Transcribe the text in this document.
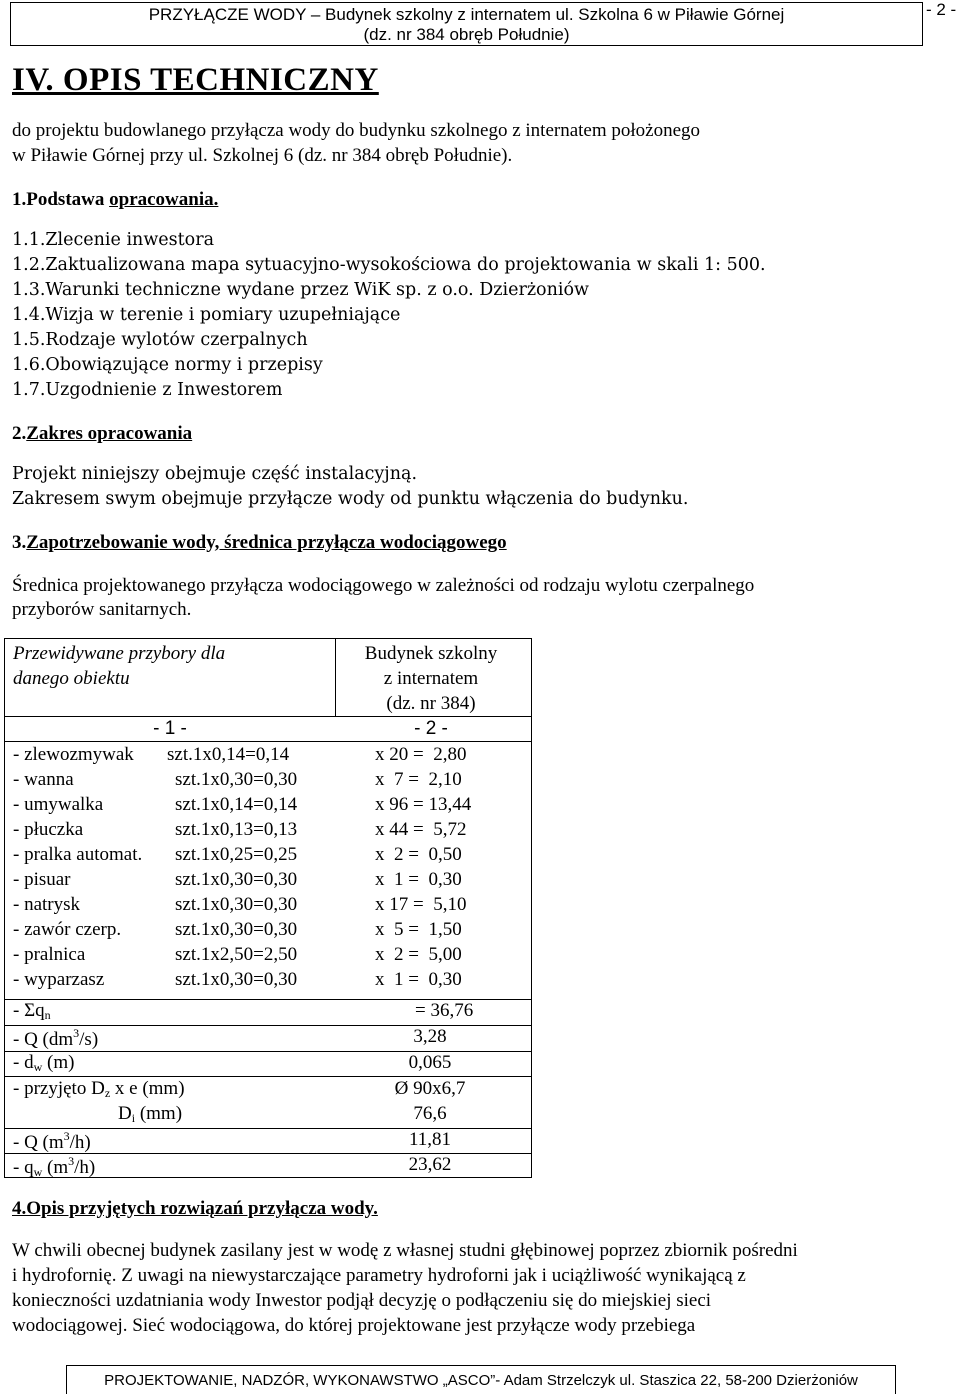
PRZYŁĄCZE WODY – Budynek szkolny z internatem ul. Szkolna 6 w Piławie Górnej
(dz. nr 384 obręb Południe)
- 2 -
IV. OPIS TECHNICZNY
do projektu budowlanego przyłącza wody do budynku szkolnego z internatem położonego
w Piławie Górnej przy ul. Szkolnej 6 (dz. nr 384 obręb Południe).
1.Podstawa opracowania.
1.1.Zlecenie inwestora
1.2.Zaktualizowana mapa sytuacyjno-wysokościowa do projektowania w skali 1: 500.
1.3.Warunki techniczne wydane przez WiK sp. z o.o. Dzierżoniów
1.4.Wizja w terenie i pomiary uzupełniające
1.5.Rodzaje wylotów czerpalnych
1.6.Obowiązujące normy i przepisy
1.7.Uzgodnienie z Inwestorem
2.Zakres opracowania
Projekt niniejszy obejmuje część instalacyjną.
Zakresem swym obejmuje przyłącze wody od punktu włączenia do budynku.
3.Zapotrzebowanie wody, średnica przyłącza wodociągowego
Średnica projektowanego przyłącza wodociągowego w zależności od rodzaju wylotu czerpalnego
przyborów sanitarnych.
Przewidywane przybory dla
danego obiektu
Budynek szkolny
z internatem
(dz. nr 384)
- 1 -	- 2 -
- zlewozmywak szt.1x0,14=0,14	x 20 =  2,80
- wanna	szt.1x0,30=0,30	x  7 =  2,10
- umywalka	szt.1x0,14=0,14	x 96 = 13,44
- płuczka	szt.1x0,13=0,13	x 44 =  5,72
- pralka automat. szt.1x0,25=0,25	x  2 =  0,50
- pisuar	szt.1x0,30=0,30	x  1 =  0,30
- natrysk	szt.1x0,30=0,30	x 17 =  5,10
- zawór czerp.	szt.1x0,30=0,30	x  5 =  1,50
- pralnica	szt.1x2,50=2,50	x  2 =  5,00
- wyparzasz	szt.1x0,30=0,30	x  1 =  0,30
- $\Sigma q_n$	= 36,76
- Q $(dm^3/s)$	3,28
- $d_w$ (m)	0,065
- przyjęto $D_z$ x e (mm)	Ø 90x6,7
$D_i$ (mm)	76,6
- Q $(m^3/h)$	11,81
- $q_w$ $(m^3/h)$	23,62
4.Opis przyjętych rozwiązań przyłącza wody.
W chwili obecnej budynek zasilany jest w wodę z własnej studni głębinowej poprzez zbiornik pośredni
i hydrofornię. Z uwagi na niewystarczające parametry hydroforni jak i uciążliwość wynikającą z
konieczności uzdatniania wody Inwestor podjął decyzję o podłączeniu się do miejskiej sieci
wodociągowej. Sieć wodociągowa, do której projektowane jest przyłącze wody przebiega
PROJEKTOWANIE, NADZÓR, WYKONAWSTWO „ASCO”- Adam Strzelczyk ul. Staszica 22, 58-200 Dzierżoniów
